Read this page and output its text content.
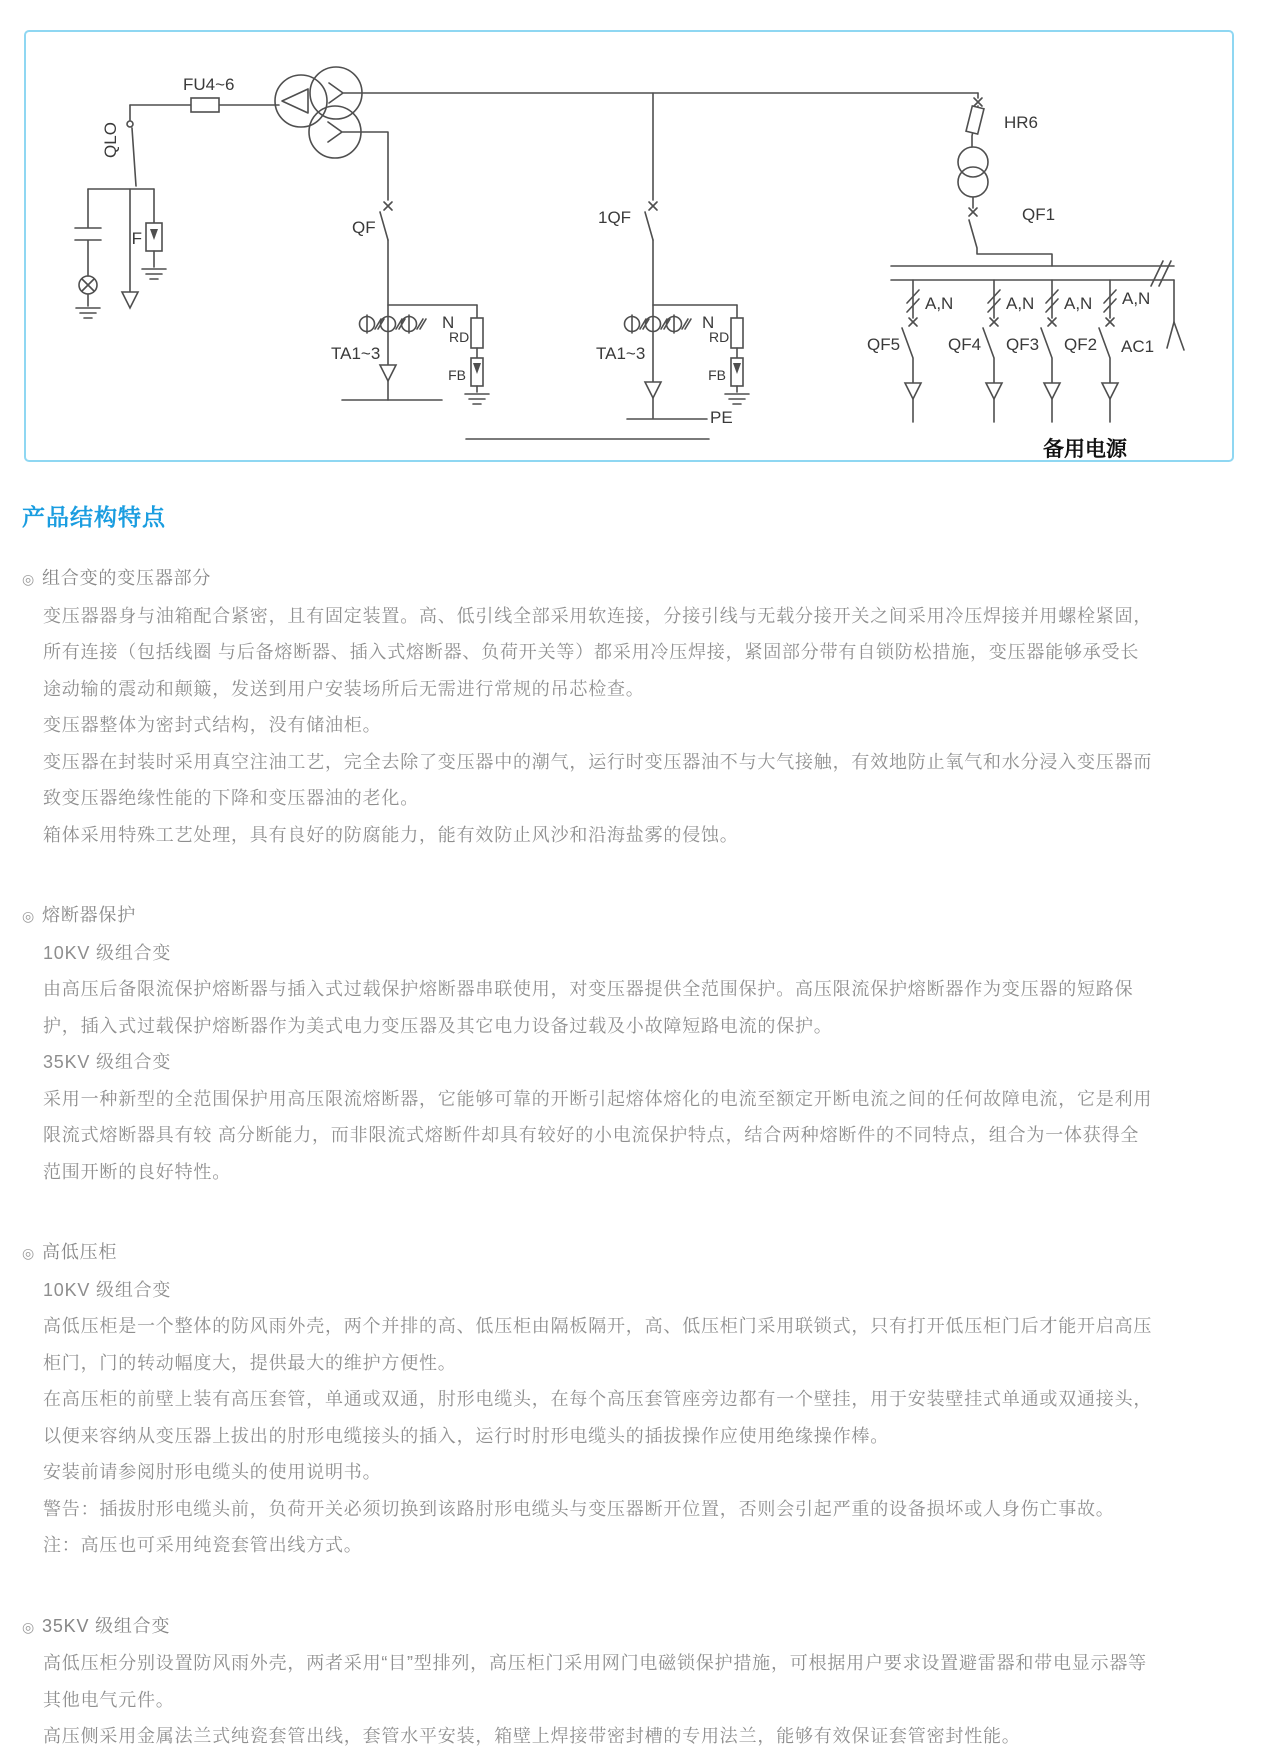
FU4~6
QLO
F
QF
TA1~3
N
RD
FB
1QF
TA1~3
PE
N
RD
FB
HR6
QF1
A,N
QF5
A,N
QF4
A,N
QF3
A,N
QF2 AC1
备用电源
产品结构特点
◎ 组合变的变压器部分

变压器器身与油箱配合紧密，且有固定装置。高、低引线全部采用软连接，分接引线与无载分接开关之间采用冷压焊接并用螺栓紧固，所有连接（包括线圈 与后备熔断器、插入式熔断器、负荷开关等）都采用冷压焊接，紧固部分带有自锁防松措施，变压器能够承受长途动输的震动和颠簸，发送到用户安装场所后无需进行常规的吊芯检查。

变压器整体为密封式结构，没有储油柜。

变压器在封装时采用真空注油工艺，完全去除了变压器中的潮气，运行时变压器油不与大气接触，有效地防止氧气和水分浸入变压器而致变压器绝缘性能的下降和变压器油的老化。

箱体采用特殊工艺处理，具有良好的防腐能力，能有效防止风沙和沿海盐雾的侵蚀。

◎ 熔断器保护

10KV 级组合变

由高压后备限流保护熔断器与插入式过载保护熔断器串联使用，对变压器提供全范围保护。高压限流保护熔断器作为变压器的短路保护，插入式过载保护熔断器作为美式电力变压器及其它电力设备过载及小故障短路电流的保护。

35KV 级组合变

采用一种新型的全范围保护用高压限流熔断器，它能够可靠的开断引起熔体熔化的电流至额定开断电流之间的任何故障电流，它是利用限流式熔断器具有较 高分断能力，而非限流式熔断件却具有较好的小电流保护特点，结合两种熔断件的不同特点，组合为一体获得全范围开断的良好特性。

◎ 高低压柜

10KV 级组合变

高低压柜是一个整体的防风雨外壳，两个并排的高、低压柜由隔板隔开，高、低压柜门采用联锁式，只有打开低压柜门后才能开启高压柜门，门的转动幅度大，提供最大的维护方便性。

在高压柜的前壁上装有高压套管，单通或双通，肘形电缆头，在每个高压套管座旁边都有一个壁挂，用于安装壁挂式单通或双通接头，以便来容纳从变压器上拔出的肘形电缆接头的插入，运行时肘形电缆头的插拔操作应使用绝缘操作棒。

安装前请参阅肘形电缆头的使用说明书。

警告：插拔肘形电缆头前，负荷开关必须切换到该路肘形电缆头与变压器断开位置，否则会引起严重的设备损坏或人身伤亡事故。

注：高压也可采用纯瓷套管出线方式。

◎ 35KV 级组合变

高低压柜分别设置防风雨外壳，两者采用“目”型排列，高压柜门采用网门电磁锁保护措施，可根据用户要求设置避雷器和带电显示器等其他电气元件。

高压侧采用金属法兰式纯瓷套管出线，套管水平安装，箱壁上焊接带密封槽的专用法兰，能够有效保证套管密封性能。
